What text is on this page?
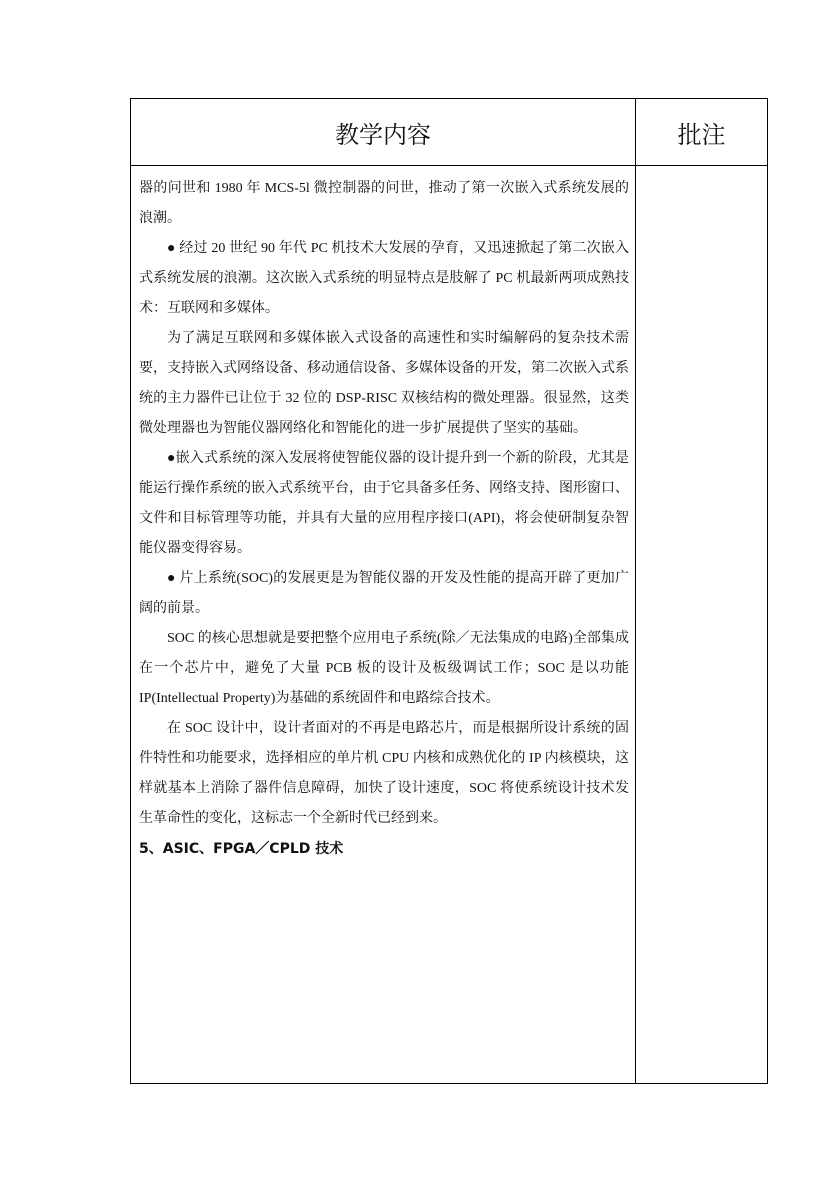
教学内容	批注

器的问世和 1980 年 MCS-5l 微控制器的问世，推动了第一次嵌入式系统发展的浪潮。

● 经过 20 世纪 90 年代 PC 机技术大发展的孕育，又迅速掀起了第二次嵌入式系统发展的浪潮。这次嵌入式系统的明显特点是肢解了 PC 机最新两项成熟技术：互联网和多媒体。

为了满足互联网和多媒体嵌入式设备的高速性和实时编解码的复杂技术需要，支持嵌入式网络设备、移动通信设备、多媒体设备的开发，第二次嵌入式系统的主力器件已让位于 32 位的 DSP-RISC 双核结构的微处理器。很显然，这类微处理器也为智能仪器网络化和智能化的进一步扩展提供了坚实的基础。

●嵌入式系统的深入发展将使智能仪器的设计提升到一个新的阶段，尤其是能运行操作系统的嵌入式系统平台，由于它具备多任务、网络支持、图形窗口、文件和目标管理等功能，并具有大量的应用程序接口(API)，将会使研制复杂智能仪器变得容易。

● 片上系统(SOC)的发展更是为智能仪器的开发及性能的提高开辟了更加广阔的前景。

SOC 的核心思想就是要把整个应用电子系统(除／无法集成的电路)全部集成在一个芯片中，避免了大量 PCB 板的设计及板级调试工作；SOC 是以功能 IP(Intellectual Property)为基础的系统固件和电路综合技术。

在 SOC 设计中，设计者面对的不再是电路芯片，而是根据所设计系统的固件特性和功能要求，选择相应的单片机 CPU 内核和成熟优化的 IP 内核模块，这样就基本上消除了器件信息障碍，加快了设计速度，SOC 将使系统设计技术发生革命性的变化，这标志一个全新时代已经到来。

5、ASIC、FPGA／CPLD 技术
